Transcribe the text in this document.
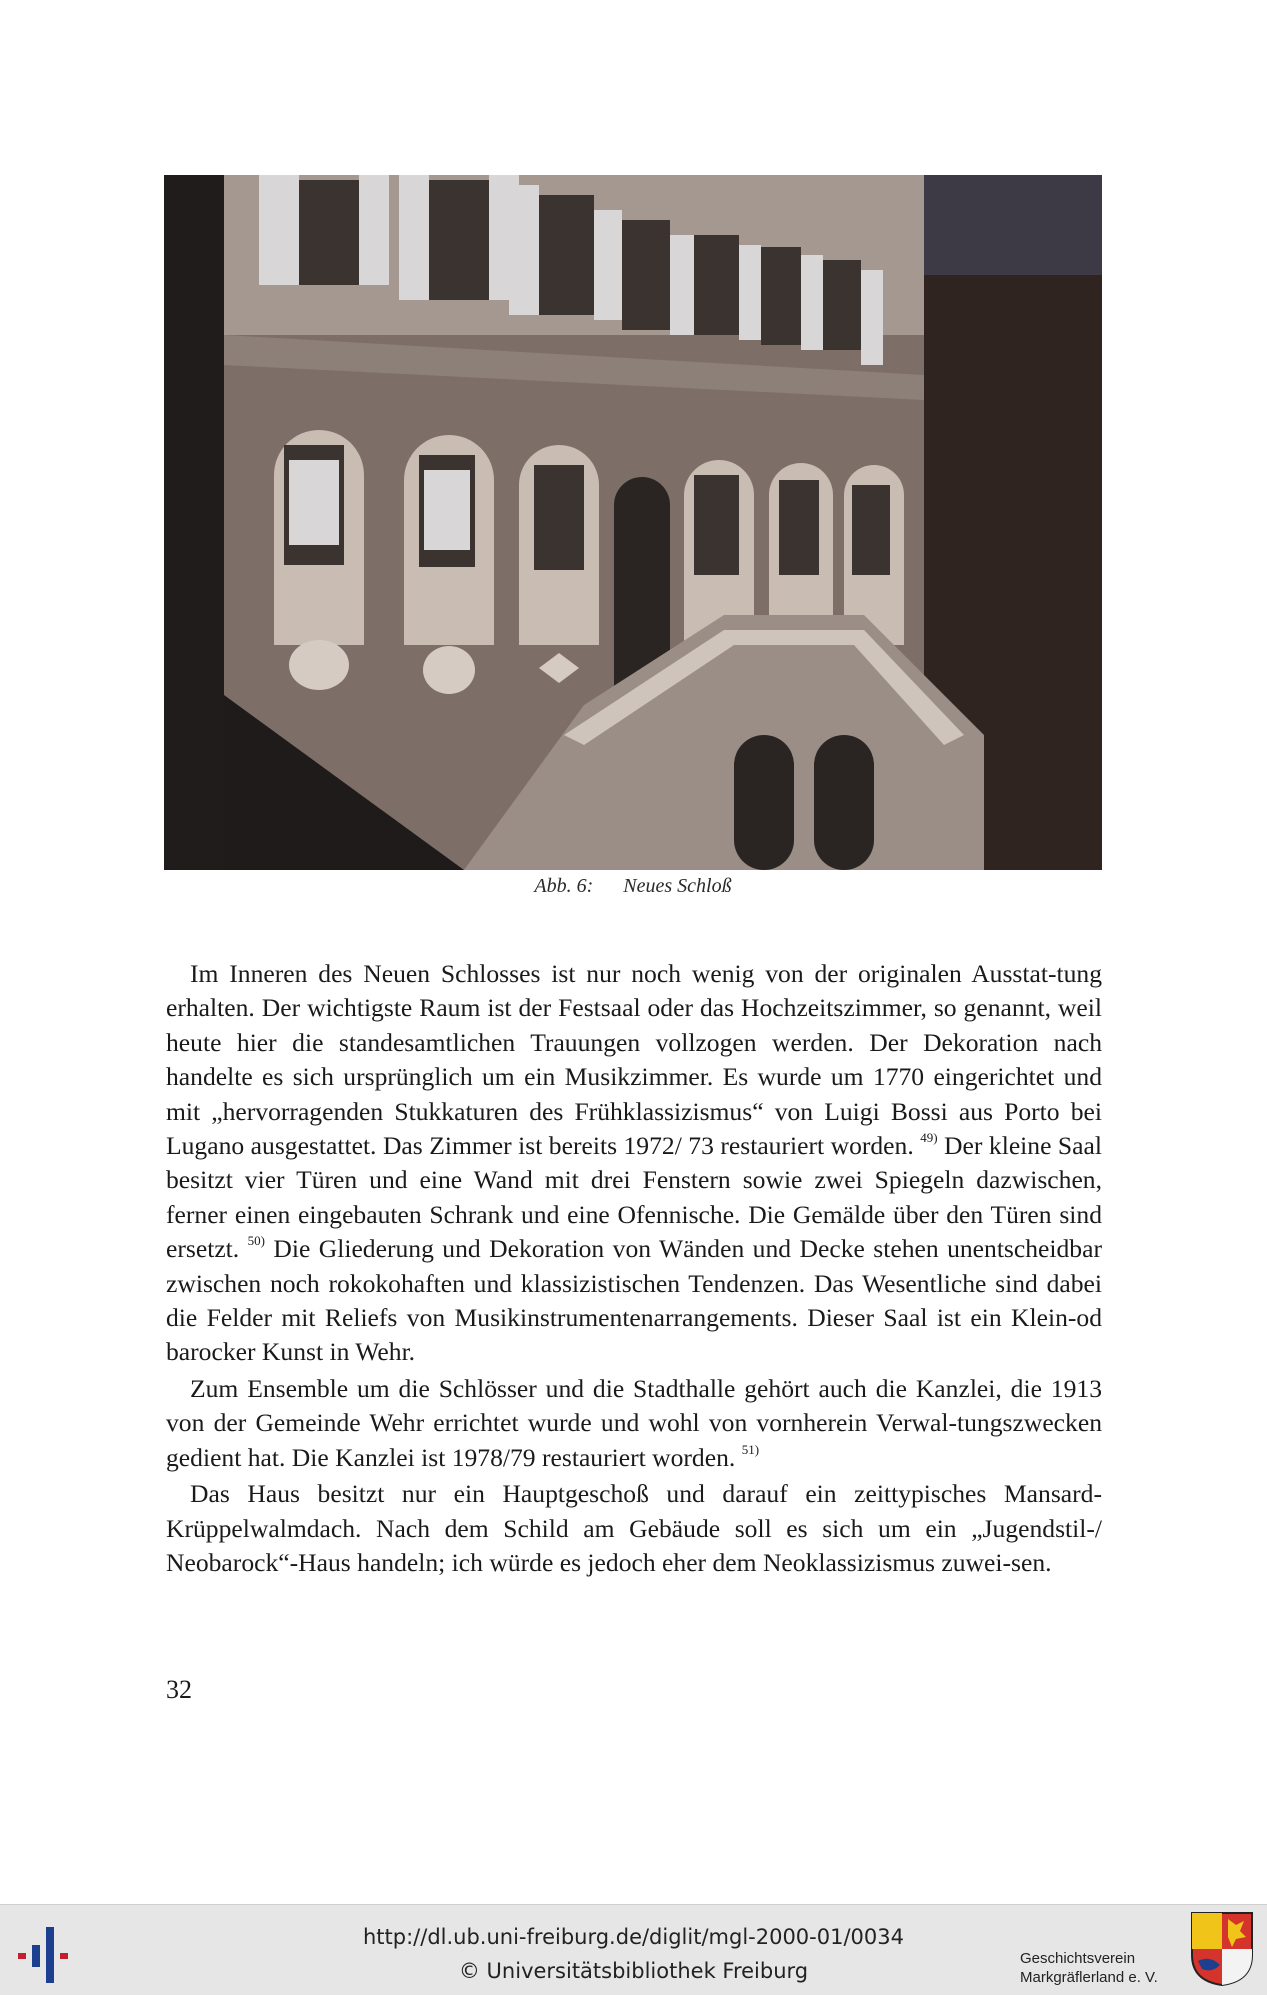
Abb. 6: Neues Schloß

Im Inneren des Neuen Schlosses ist nur noch wenig von der originalen Ausstat-tung erhalten. Der wichtigste Raum ist der Festsaal oder das Hochzeitszimmer, so genannt, weil heute hier die standesamtlichen Trauungen vollzogen werden. Der Dekoration nach handelte es sich ursprünglich um ein Musikzimmer. Es wurde um 1770 eingerichtet und mit „hervorragenden Stukkaturen des Frühklassizismus“ von Luigi Bossi aus Porto bei Lugano ausgestattet. Das Zimmer ist bereits 1972/ 73 restauriert worden. $^{49)}$ Der kleine Saal besitzt vier Türen und eine Wand mit drei Fenstern sowie zwei Spiegeln dazwischen, ferner einen eingebauten Schrank und eine Ofennische. Die Gemälde über den Türen sind ersetzt. $^{50)}$ Die Gliederung und Dekoration von Wänden und Decke stehen unentscheidbar zwischen noch rokokohaften und klassizistischen Tendenzen. Das Wesentliche sind dabei die Felder mit Reliefs von Musikinstrumentenarrangements. Dieser Saal ist ein Klein-od barocker Kunst in Wehr.

Zum Ensemble um die Schlösser und die Stadthalle gehört auch die Kanzlei, die 1913 von der Gemeinde Wehr errichtet wurde und wohl von vornherein Verwal-tungszwecken gedient hat. Die Kanzlei ist 1978/79 restauriert worden. $^{51)}$

Das Haus besitzt nur ein Hauptgeschoß und darauf ein zeittypisches Mansard-Krüppelwalmdach. Nach dem Schild am Gebäude soll es sich um ein „Jugendstil-/ Neobarock“-Haus handeln; ich würde es jedoch eher dem Neoklassizismus zuwei-sen.

32
http://dl.ub.uni-freiburg.de/diglit/mgl-2000-01/0034
© Universitätsbibliothek Freiburg
Geschichtsverein
Markgräflerland e. V.
